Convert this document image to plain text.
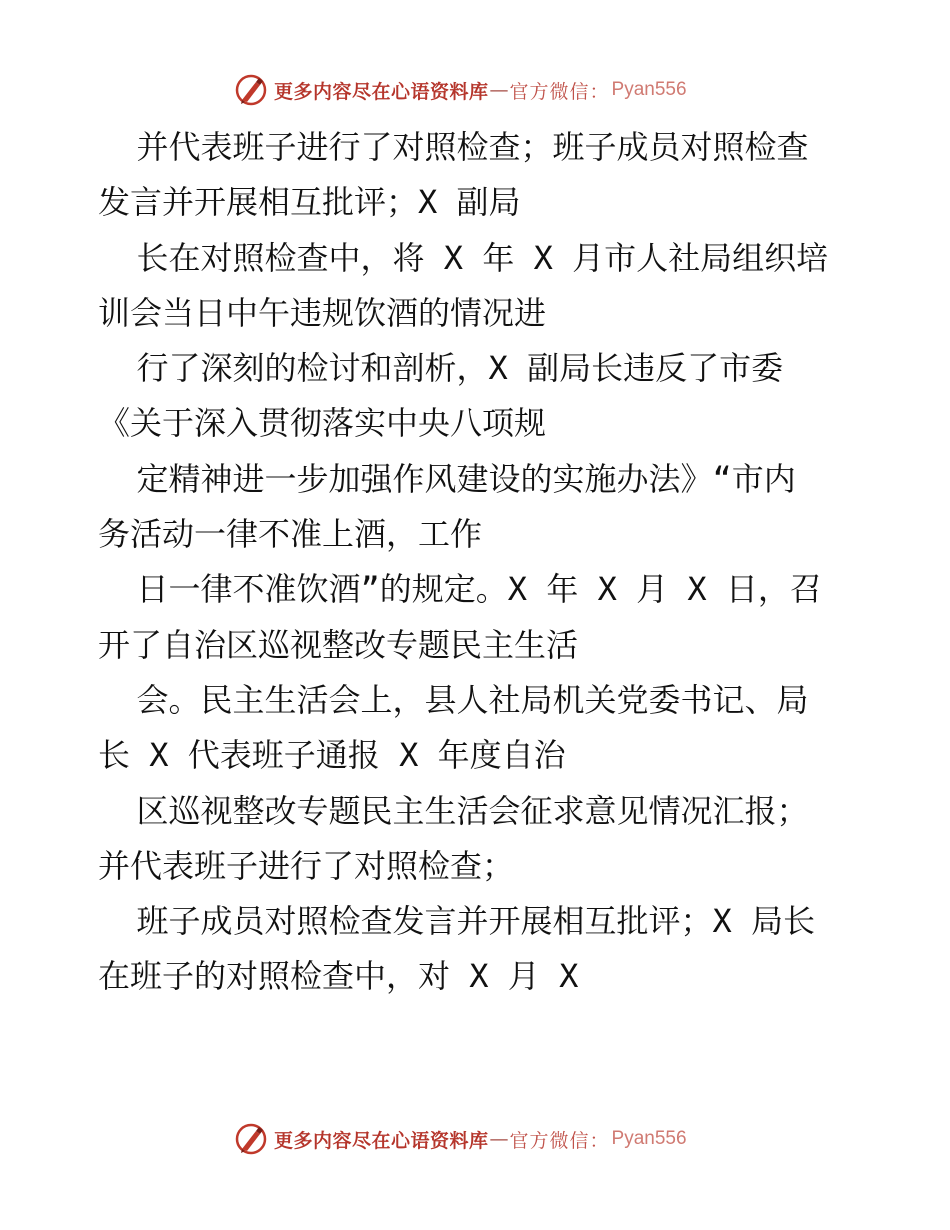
更多内容尽在心语资料库 — 官方微信： Pyan556
并代表班子进行了对照检查；班子成员对照检查
发言并开展相互批评；X 副局
长在对照检查中，将 X 年 X 月市人社局组织培
训会当日中午违规饮酒的情况进
行了深刻的检讨和剖析，X 副局长违反了市委
《关于深入贯彻落实中央八项规
定精神进一步加强作风建设的实施办法》“市内
务活动一律不准上酒，工作
日一律不准饮酒”的规定。X 年 X 月 X 日，召
开了自治区巡视整改专题民主生活
会。民主生活会上，县人社局机关党委书记、局
长 X 代表班子通报 X 年度自治
区巡视整改专题民主生活会征求意见情况汇报；
并代表班子进行了对照检查；
班子成员对照检查发言并开展相互批评；X 局长
在班子的对照检查中，对 X 月 X
更多内容尽在心语资料库 — 官方微信： Pyan556
